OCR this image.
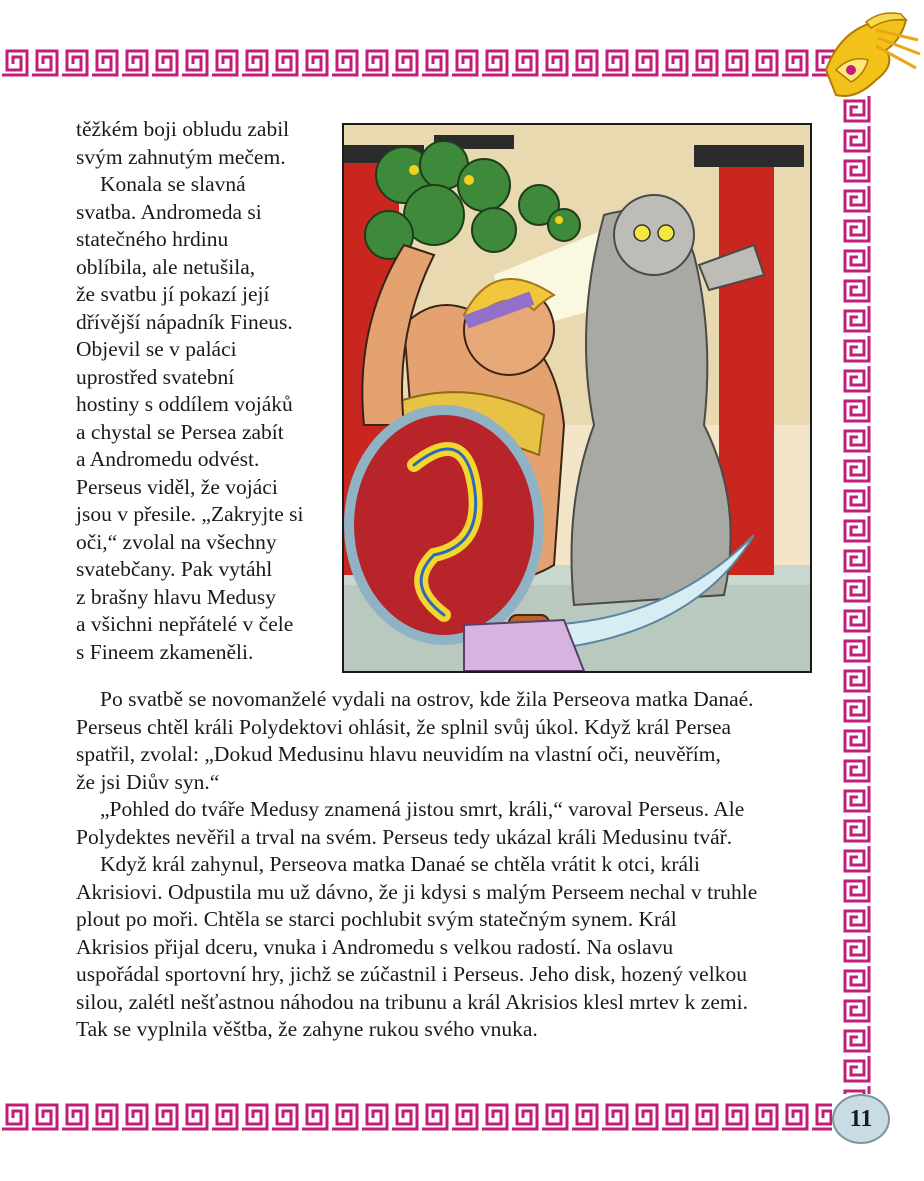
těžkém boji obludu zabil
svým zahnutým mečem.
Konala se slavná
svatba. Andromeda si
statečného hrdinu
oblíbila, ale netušila,
že svatbu jí pokazí její
dřívější nápadník Fineus.
Objevil se v paláci
uprostřed svatební
hostiny s oddílem vojáků
a chystal se Persea zabít
a Andromedu odvést.
Perseus viděl, že vojáci
jsou v přesile. „Zakryjte si
oči,“ zvolal na všechny
svatebčany. Pak vytáhl
z brašny hlavu Medusy
a všichni nepřátelé v čele
s Fineem zkameněli.
Po svatbě se novomanželé vydali na ostrov, kde žila Perseova matka Danaé.
Perseus chtěl králi Polydektovi ohlásit, že splnil svůj úkol. Když král Persea
spatřil, zvolal: „Dokud Medusinu hlavu neuvidím na vlastní oči, neuvěřím,
že jsi Diův syn.“
„Pohled do tváře Medusy znamená jistou smrt, králi,“ varoval Perseus. Ale
Polydektes nevěřil a trval na svém. Perseus tedy ukázal králi Medusinu tvář.
Když král zahynul, Perseova matka Danaé se chtěla vrátit k otci, králi
Akrisiovi. Odpustila mu už dávno, že ji kdysi s malým Perseem nechal v truhle
plout po moři. Chtěla se starci pochlubit svým statečným synem. Král
Akrisios přijal dceru, vnuka i Andromedu s velkou radostí. Na oslavu
uspořádal sportovní hry, jichž se zúčastnil i Perseus. Jeho disk, hozený velkou
silou, zalétl nešťastnou náhodou na tribunu a král Akrisios klesl mrtev k zemi.
Tak se vyplnila věštba, že zahyne rukou svého vnuka.
11
